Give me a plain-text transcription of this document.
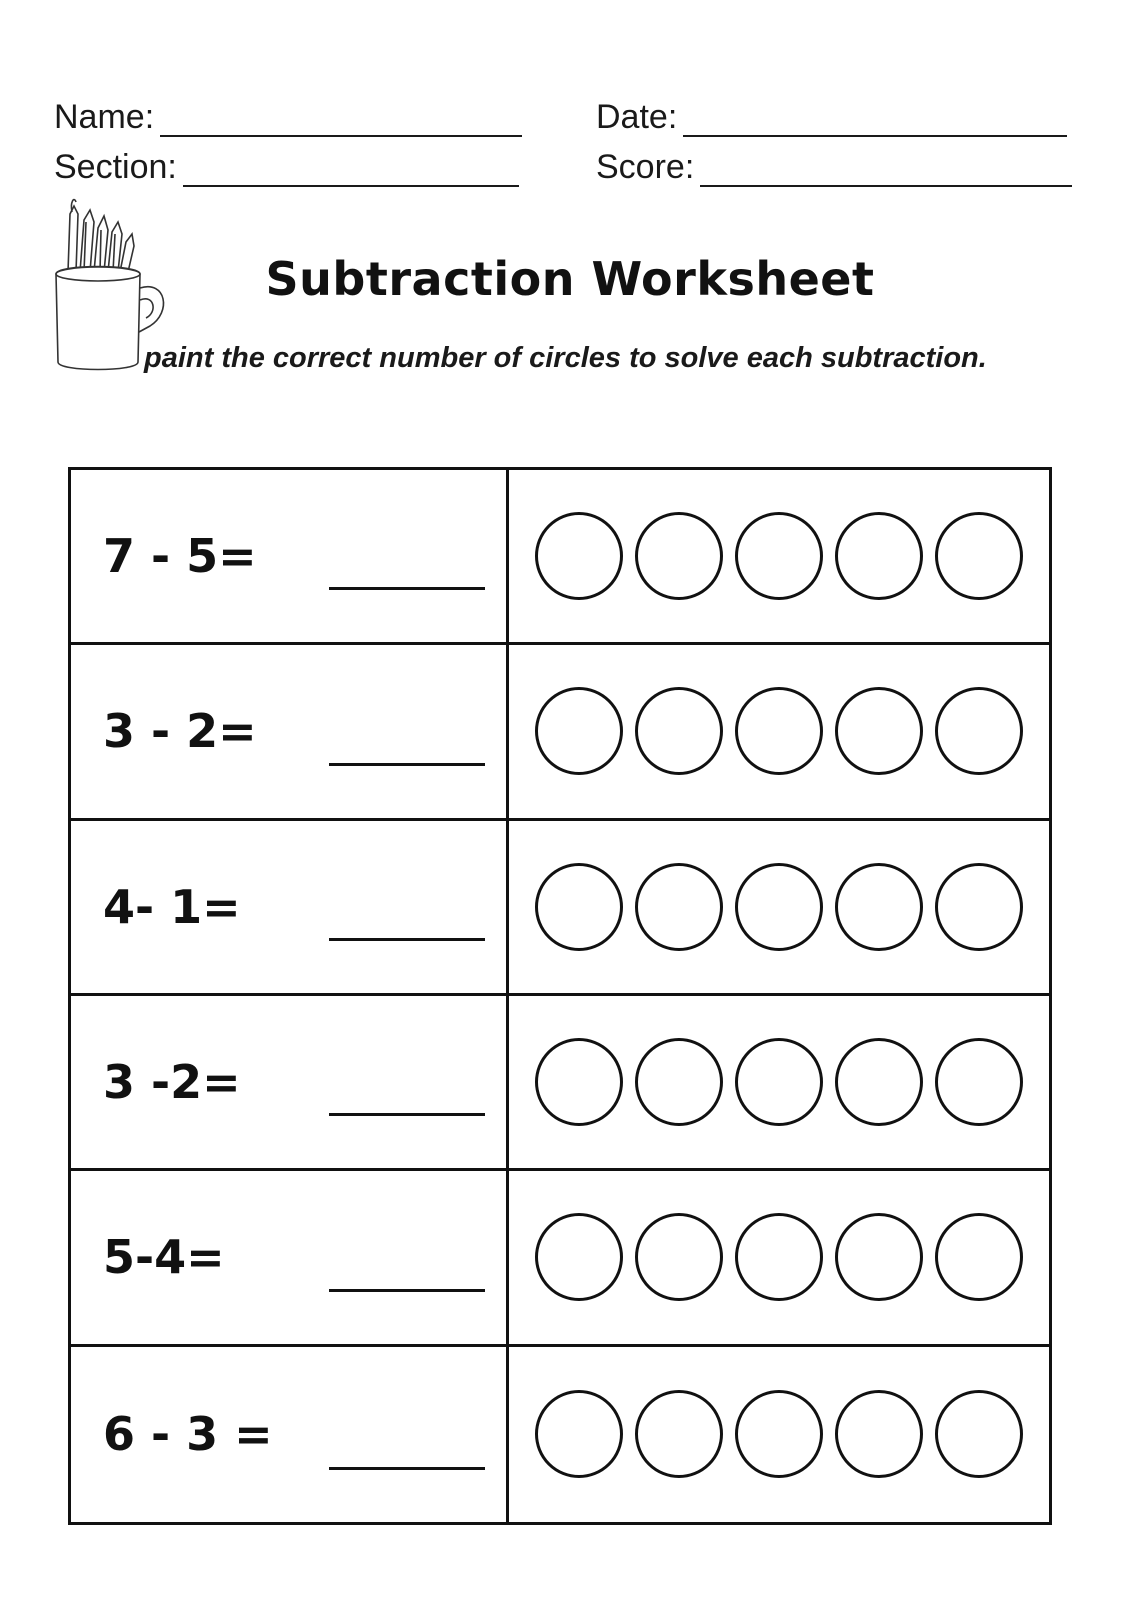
Name:
Section:
Date:
Score:
Subtraction Worksheet
paint the correct number of circles to solve each subtraction.
7 - 5=
3 - 2=
4- 1=
3 -2=
5-4=
6 - 3 =
